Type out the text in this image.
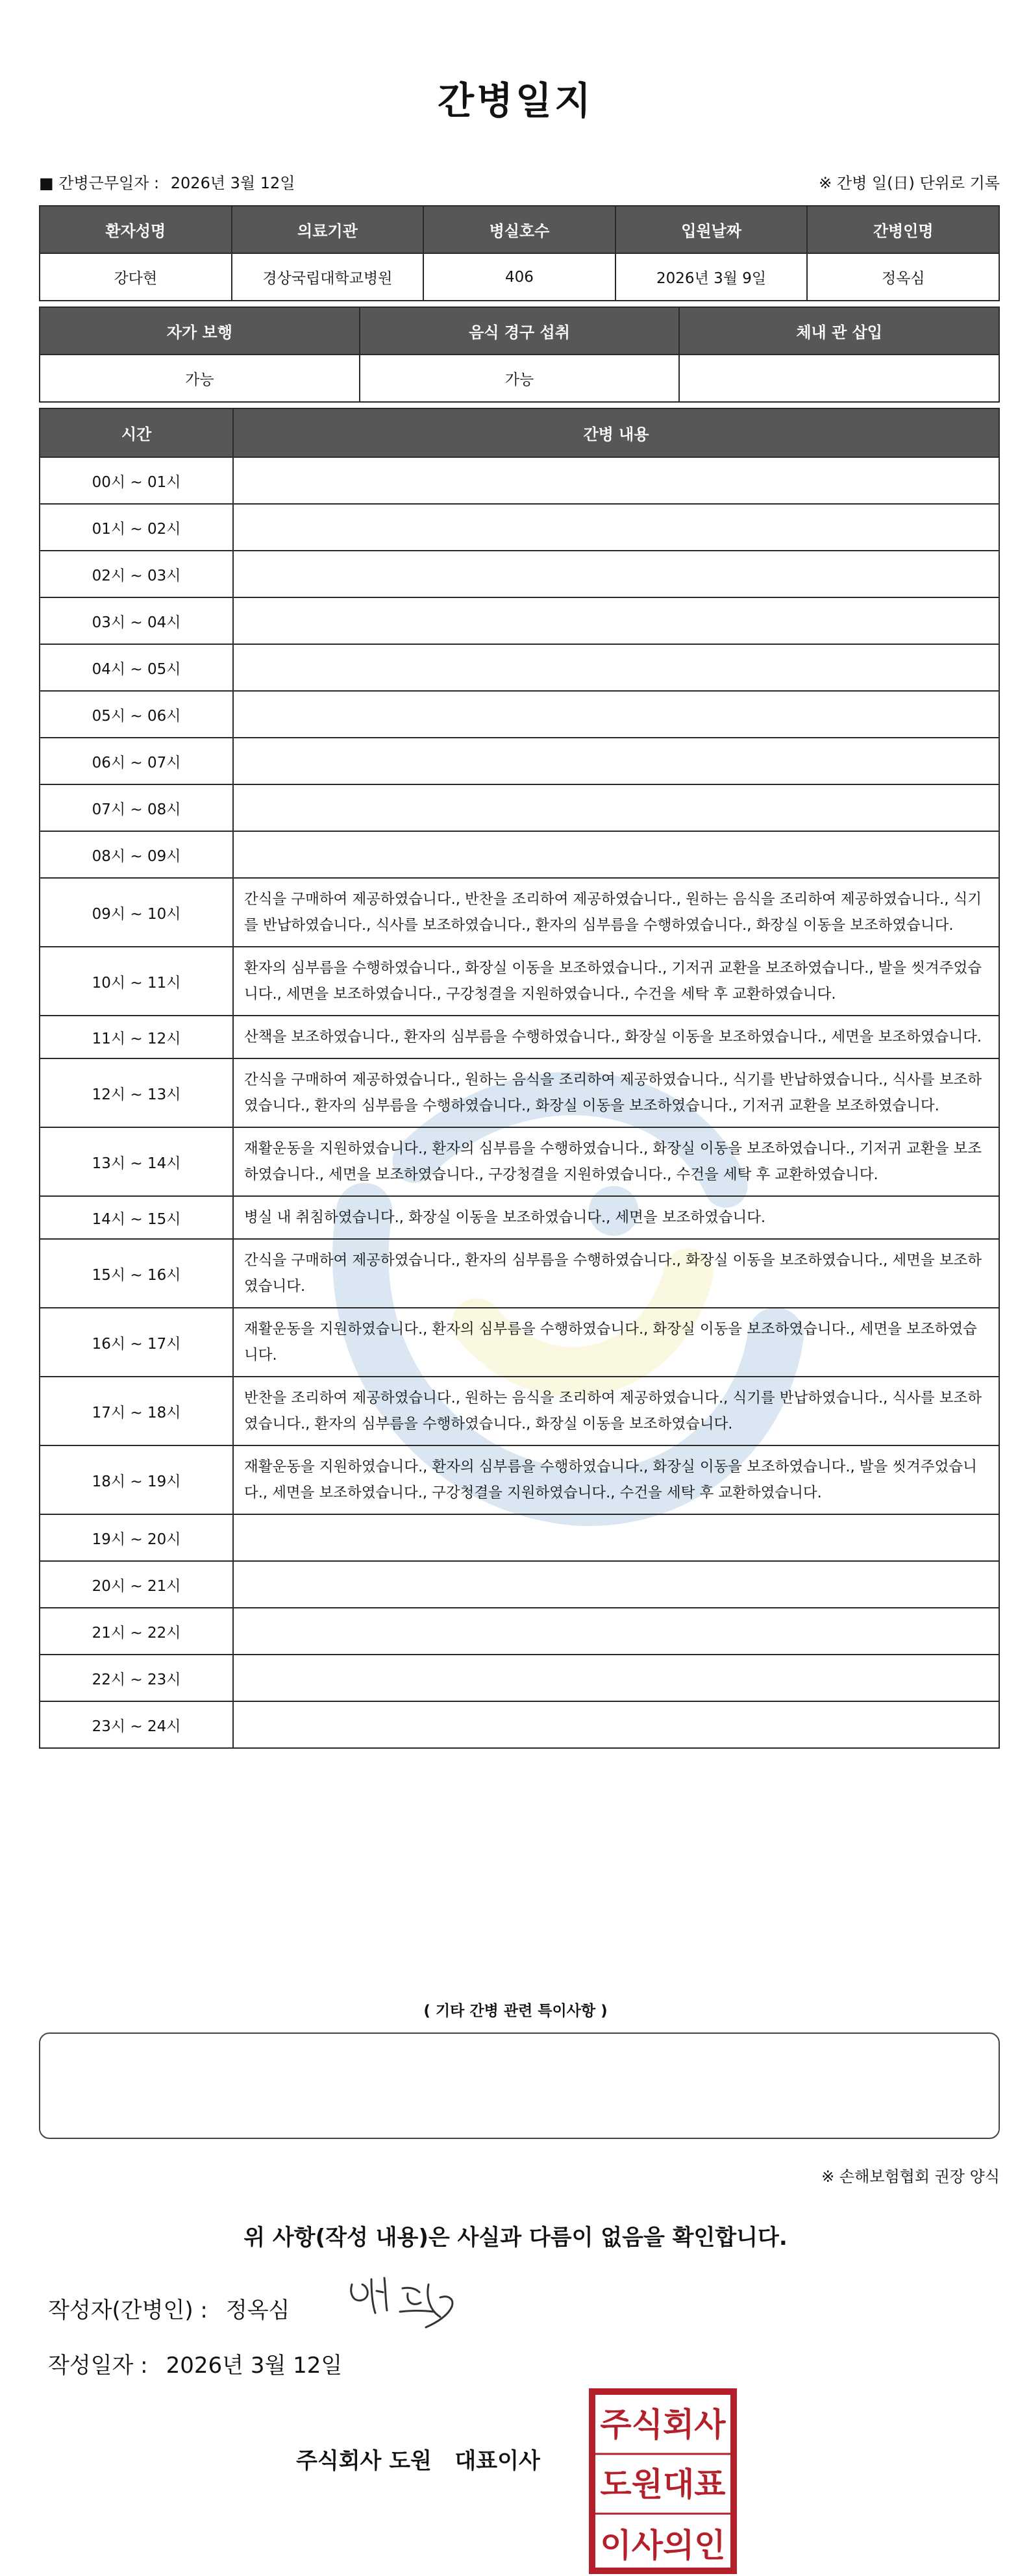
간병일지
■ 간병근무일자 : 2026년 3월 12일	※ 간병 일(日) 단위로 기록
환자성명	의료기관	병실호수	입원날짜	간병인명
강다현	경상국립대학교병원	406	2026년 3월 9일	정옥심
자가 보행	음식 경구 섭취	체내 관 삽입
가능	가능	
시간	간병 내용
00시 ~ 01시	
01시 ~ 02시	
02시 ~ 03시	
03시 ~ 04시	
04시 ~ 05시	
05시 ~ 06시	
06시 ~ 07시	
07시 ~ 08시	
08시 ~ 09시	
09시 ~ 10시	간식을 구매하여 제공하였습니다., 반찬을 조리하여 제공하였습니다., 원하는 음식을 조리하여 제공하였습니다., 식기를 반납하였습니다., 식사를 보조하였습니다., 환자의 심부름을 수행하였습니다., 화장실 이동을 보조하였습니다.
10시 ~ 11시	환자의 심부름을 수행하였습니다., 화장실 이동을 보조하였습니다., 기저귀 교환을 보조하였습니다., 발을 씻겨주었습니다., 세면을 보조하였습니다., 구강청결을 지원하였습니다., 수건을 세탁 후 교환하였습니다.
11시 ~ 12시	산책을 보조하였습니다., 환자의 심부름을 수행하였습니다., 화장실 이동을 보조하였습니다., 세면을 보조하였습니다.
12시 ~ 13시	간식을 구매하여 제공하였습니다., 원하는 음식을 조리하여 제공하였습니다., 식기를 반납하였습니다., 식사를 보조하였습니다., 환자의 심부름을 수행하였습니다., 화장실 이동을 보조하였습니다., 기저귀 교환을 보조하였습니다.
13시 ~ 14시	재활운동을 지원하였습니다., 환자의 심부름을 수행하였습니다., 화장실 이동을 보조하였습니다., 기저귀 교환을 보조하였습니다., 세면을 보조하였습니다., 구강청결을 지원하였습니다., 수건을 세탁 후 교환하였습니다.
14시 ~ 15시	병실 내 취침하였습니다., 화장실 이동을 보조하였습니다., 세면을 보조하였습니다.
15시 ~ 16시	간식을 구매하여 제공하였습니다., 환자의 심부름을 수행하였습니다., 화장실 이동을 보조하였습니다., 세면을 보조하였습니다.
16시 ~ 17시	재활운동을 지원하였습니다., 환자의 심부름을 수행하였습니다., 화장실 이동을 보조하였습니다., 세면을 보조하였습니다.
17시 ~ 18시	반찬을 조리하여 제공하였습니다., 원하는 음식을 조리하여 제공하였습니다., 식기를 반납하였습니다., 식사를 보조하였습니다., 환자의 심부름을 수행하였습니다., 화장실 이동을 보조하였습니다.
18시 ~ 19시	재활운동을 지원하였습니다., 환자의 심부름을 수행하였습니다., 화장실 이동을 보조하였습니다., 발을 씻겨주었습니다., 세면을 보조하였습니다., 구강청결을 지원하였습니다., 수건을 세탁 후 교환하였습니다.
19시 ~ 20시	
20시 ~ 21시	
21시 ~ 22시	
22시 ~ 23시	
23시 ~ 24시	
( 기타 간병 관련 특이사항 )
※ 손해보험협회 권장 양식
위 사항(작성 내용)은 사실과 다름이 없음을 확인합니다.
작성자(간병인) : 정옥심
작성일자 : 2026년 3월 12일
주식회사 도원   대표이사
주식회사
도원대표
이사의인
